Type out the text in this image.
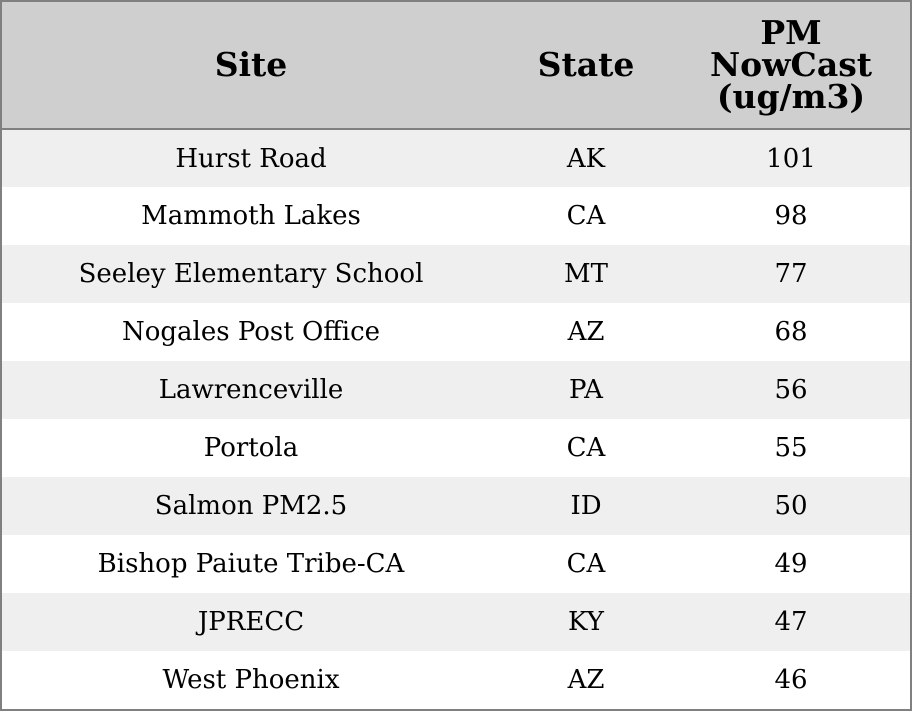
Site	State	PM NowCast (ug/m3)
Hurst Road	AK	101
Mammoth Lakes	CA	98
Seeley Elementary School	MT	77
Nogales Post Office	AZ	68
Lawrenceville	PA	56
Portola	CA	55
Salmon PM2.5	ID	50
Bishop Paiute Tribe-CA	CA	49
JPRECC	KY	47
West Phoenix	AZ	46
